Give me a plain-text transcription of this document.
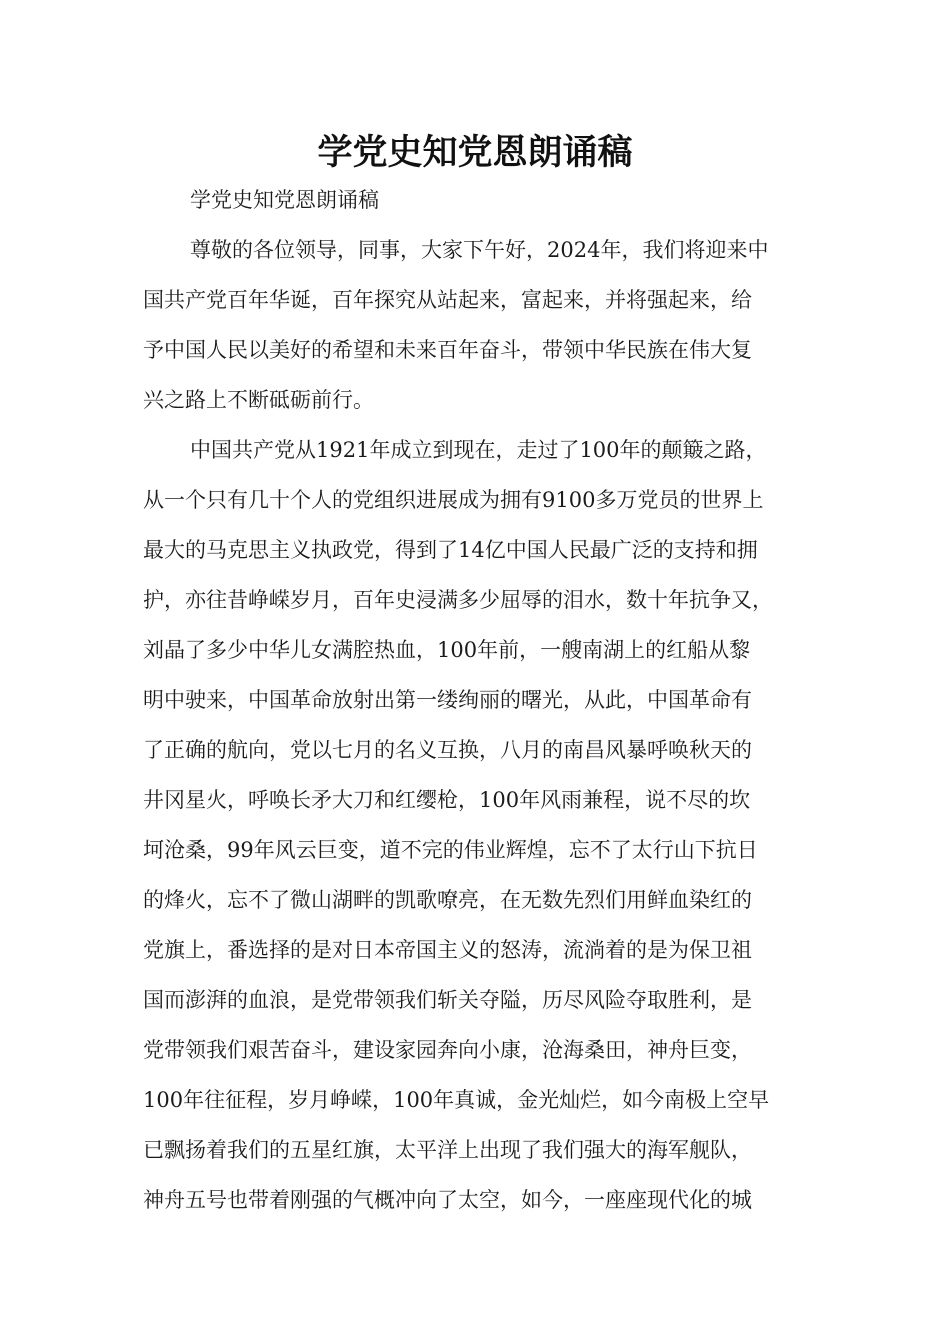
学党史知党恩朗诵稿

学党史知党恩朗诵稿

尊敬的各位领导，同事，大家下午好，2024年，我们将迎来中

国共产党百年华诞，百年探究从站起来，富起来，并将强起来，给

予中国人民以美好的希望和未来百年奋斗，带领中华民族在伟大复

兴之路上不断砥砺前行。

中国共产党从1921年成立到现在，走过了100年的颠簸之路，

从一个只有几十个人的党组织进展成为拥有9100多万党员的世界上

最大的马克思主义执政党，得到了14亿中国人民最广泛的支持和拥

护，亦往昔峥嵘岁月，百年史浸满多少屈辱的泪水，数十年抗争又，

刘晶了多少中华儿女满腔热血，100年前，一艘南湖上的红船从黎

明中驶来，中国革命放射出第一缕绚丽的曙光，从此，中国革命有

了正确的航向，党以七月的名义互换，八月的南昌风暴呼唤秋天的

井冈星火，呼唤长矛大刀和红缨枪，100年风雨兼程，说不尽的坎

坷沧桑，99年风云巨变，道不完的伟业辉煌，忘不了太行山下抗日

的烽火，忘不了微山湖畔的凯歌嘹亮，在无数先烈们用鲜血染红的

党旗上，番选择的是对日本帝国主义的怒涛，流淌着的是为保卫祖

国而澎湃的血浪，是党带领我们斩关夺隘，历尽风险夺取胜利，是

党带领我们艰苦奋斗，建设家园奔向小康，沧海桑田，神舟巨变，

100年往征程，岁月峥嵘，100年真诚，金光灿烂，如今南极上空早

已飘扬着我们的五星红旗，太平洋上出现了我们强大的海军舰队，

神舟五号也带着刚强的气概冲向了太空，如今，一座座现代化的城
